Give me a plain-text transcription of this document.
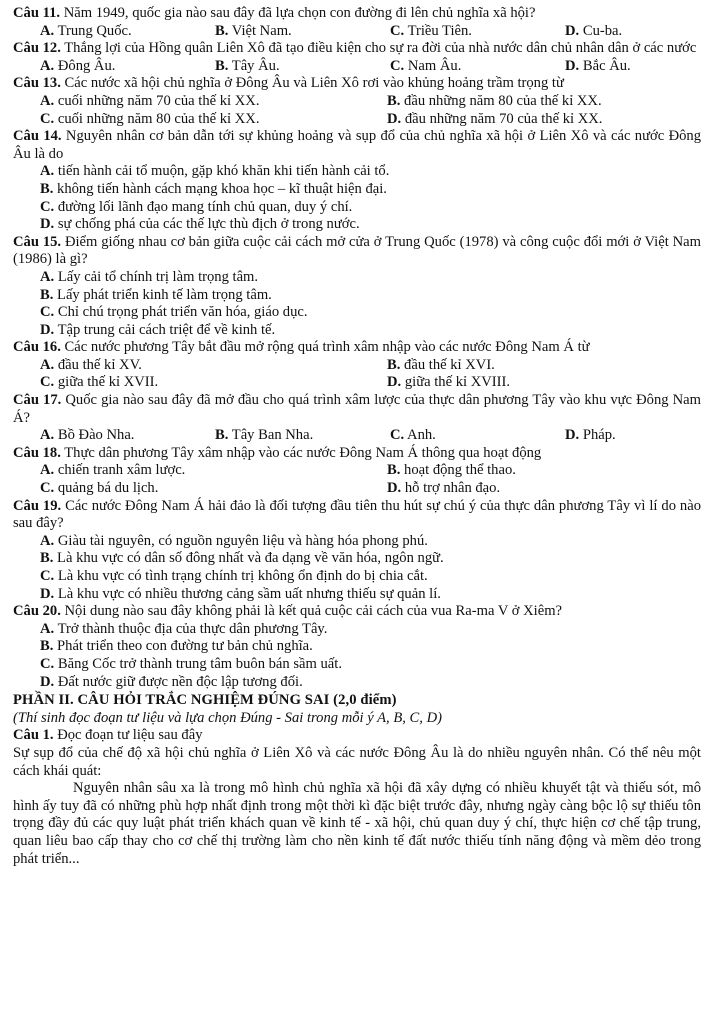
Câu 11. Năm 1949, quốc gia nào sau đây đã lựa chọn con đường đi lên chủ nghĩa xã hội?
A. Trung Quốc.	B. Việt Nam.	C. Triều Tiên.	D. Cu-ba.
Câu 12. Thắng lợi của Hồng quân Liên Xô đã tạo điều kiện cho sự ra đời của nhà nước dân chủ nhân dân ở các nước
A. Đông Âu.	B. Tây Âu.	C. Nam Âu.	D. Bắc Âu.
Câu 13. Các nước xã hội chủ nghĩa ở Đông Âu và Liên Xô rơi vào khủng hoảng trầm trọng từ
A. cuối những năm 70 của thế kỉ XX.	B. đầu những năm 80 của thế kỉ XX.
C. cuối những năm 80 của thế kỉ XX.	D. đầu những năm 70 của thế kỉ XX.
Câu 14. Nguyên nhân cơ bản dẫn tới sự khủng hoảng và sụp đổ của chủ nghĩa xã hội ở Liên Xô và các nước Đông Âu là do
A. tiến hành cải tổ muộn, gặp khó khăn khi tiến hành cải tổ.
B. không tiến hành cách mạng khoa học – kĩ thuật hiện đại.
C. đường lối lãnh đạo mang tính chủ quan, duy ý chí.
D. sự chống phá của các thế lực thù địch ở trong nước.
Câu 15. Điểm giống nhau cơ bản giữa cuộc cải cách mở cửa ở Trung Quốc (1978) và công cuộc đổi mới ở Việt Nam (1986) là gì?
A. Lấy cải tổ chính trị làm trọng tâm.
B. Lấy phát triển kinh tế làm trọng tâm.
C. Chỉ chú trọng phát triển văn hóa, giáo dục.
D. Tập trung cải cách triệt để về kinh tế.
Câu 16. Các nước phương Tây bắt đầu mở rộng quá trình xâm nhập vào các nước Đông Nam Á từ
A. đầu thế kỉ XV.	B. đầu thế kỉ XVI.
C. giữa thế kỉ XVII.	D. giữa thế kỉ XVIII.
Câu 17. Quốc gia nào sau đây đã mở đầu cho quá trình xâm lược của thực dân phương Tây vào khu vực Đông Nam Á?
A. Bồ Đào Nha.	B. Tây Ban Nha.	C. Anh.	D. Pháp.
Câu 18. Thực dân phương Tây xâm nhập vào các nước Đông Nam Á thông qua hoạt động
A. chiến tranh xâm lược.	B. hoạt động thể thao.
C. quảng bá du lịch.	D. hỗ trợ nhân đạo.
Câu 19. Các nước Đông Nam Á hải đảo là đối tượng đầu tiên thu hút sự chú ý của thực dân phương Tây vì lí do nào sau đây?
A. Giàu tài nguyên, có nguồn nguyên liệu và hàng hóa phong phú.
B. Là khu vực có dân số đông nhất và đa dạng về văn hóa, ngôn ngữ.
C. Là khu vực có tình trạng chính trị không ổn định do bị chia cắt.
D. Là khu vực có nhiều thương cảng sầm uất nhưng thiếu sự quản lí.
Câu 20. Nội dung nào sau đây không phải là kết quả cuộc cải cách của vua Ra-ma V ở Xiêm?
A. Trở thành thuộc địa của thực dân phương Tây.
B. Phát triển theo con đường tư bản chủ nghĩa.
C. Băng Cốc trở thành trung tâm buôn bán sầm uất.
D. Đất nước giữ được nền độc lập tương đối.
PHẦN II. CÂU HỎI TRẮC NGHIỆM ĐÚNG SAI (2,0 điểm)
(Thí sinh đọc đoạn tư liệu và lựa chọn Đúng - Sai trong mỗi ý A, B, C, D)
Câu 1. Đọc đoạn tư liệu sau đây
Sự sụp đổ của chế độ xã hội chủ nghĩa ở Liên Xô và các nước Đông Âu là do nhiều nguyên nhân. Có thể nêu một cách khái quát:
Nguyên nhân sâu xa là trong mô hình chủ nghĩa xã hội đã xây dựng có nhiều khuyết tật và thiếu sót, mô hình ấy tuy đã có những phù hợp nhất định trong một thời kì đặc biệt trước đây, nhưng ngày càng bộc lộ sự thiếu tôn trọng đầy đủ các quy luật phát triển khách quan về kinh tế - xã hội, chủ quan duy ý chí, thực hiện cơ chế tập trung, quan liêu bao cấp thay cho cơ chế thị trường làm cho nền kinh tế đất nước thiếu tính năng động và mềm dẻo trong phát triển...
